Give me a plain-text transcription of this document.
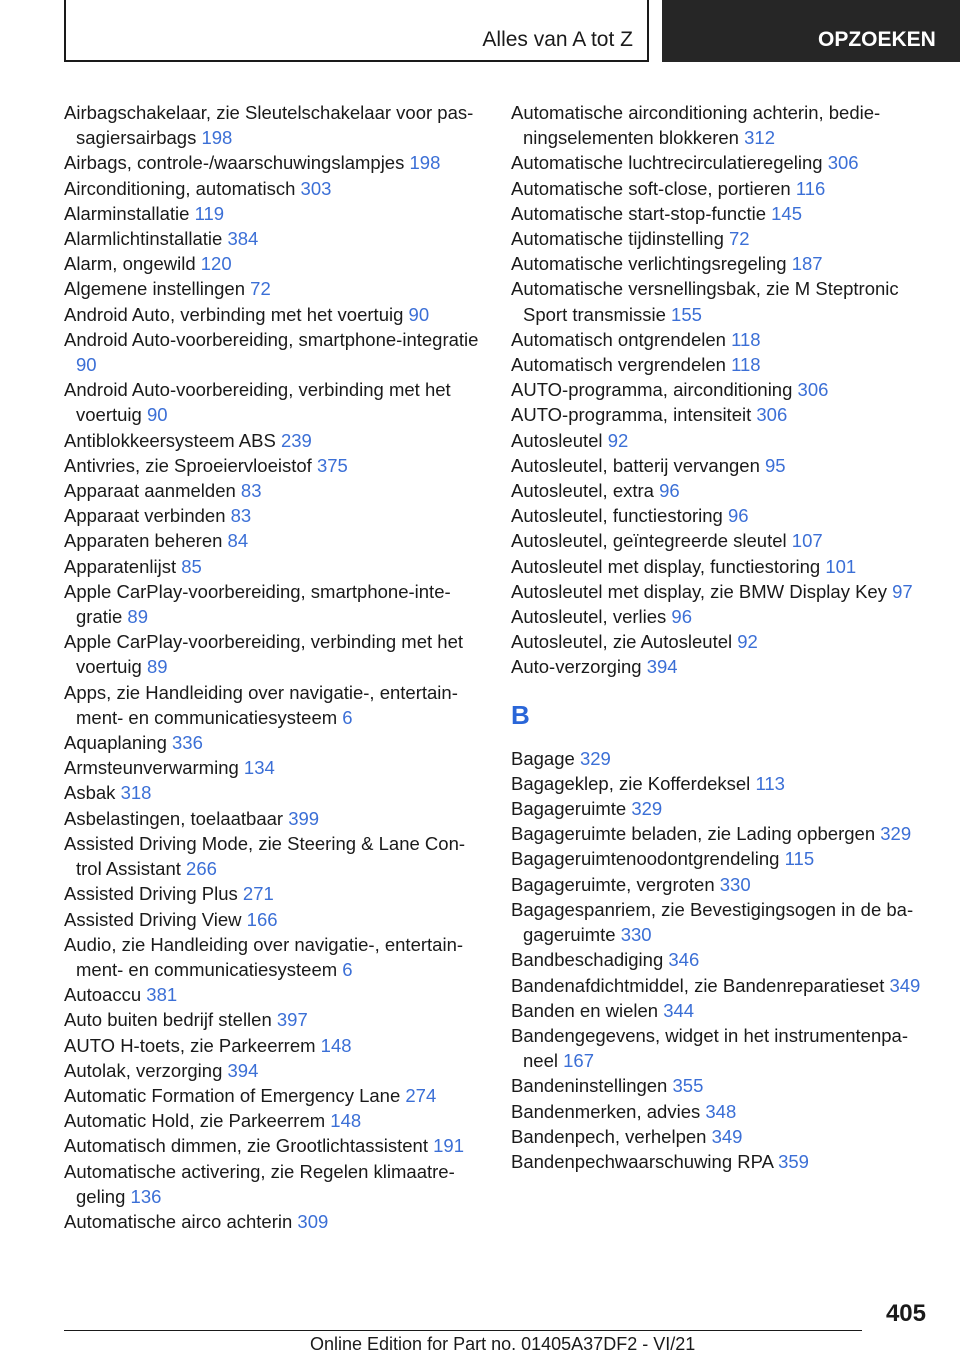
Alles van A tot Z	OPZOEKEN
Airbagschakelaar, zie Sleutelschakelaar voor passagiersairbags 198
Airbags, controle-/waarschuwingslampjes 198
Airconditioning, automatisch 303
Alarminstallatie 119
Alarmlichtinstallatie 384
Alarm, ongewild 120
Algemene instellingen 72
Android Auto, verbinding met het voertuig 90
Android Auto-voorbereiding, smartphone-integratie 90
Android Auto-voorbereiding, verbinding met het voertuig 90
Antiblokkeersysteem ABS 239
Antivries, zie Sproeiervloeistof 375
Apparaat aanmelden 83
Apparaat verbinden 83
Apparaten beheren 84
Apparatenlijst 85
Apple CarPlay-voorbereiding, smartphone-integratie 89
Apple CarPlay-voorbereiding, verbinding met het voertuig 89
Apps, zie Handleiding over navigatie-, entertainment- en communicatiesysteem 6
Aquaplaning 336
Armsteunverwarming 134
Asbak 318
Asbelastingen, toelaatbaar 399
Assisted Driving Mode, zie Steering & Lane Control Assistant 266
Assisted Driving Plus 271
Assisted Driving View 166
Audio, zie Handleiding over navigatie-, entertainment- en communicatiesysteem 6
Autoaccu 381
Auto buiten bedrijf stellen 397
AUTO H-toets, zie Parkeerrem 148
Autolak, verzorging 394
Automatic Formation of Emergency Lane 274
Automatic Hold, zie Parkeerrem 148
Automatisch dimmen, zie Grootlichtassistent 191
Automatische activering, zie Regelen klimaatregeling 136
Automatische airco achterin 309
Automatische airconditioning achterin, bedieningselementen blokkeren 312
Automatische luchtrecirculatieregeling 306
Automatische soft-close, portieren 116
Automatische start-stop-functie 145
Automatische tijdinstelling 72
Automatische verlichtingsregeling 187
Automatische versnellingsbak, zie M Steptronic Sport transmissie 155
Automatisch ontgrendelen 118
Automatisch vergrendelen 118
AUTO-programma, airconditioning 306
AUTO-programma, intensiteit 306
Autosleutel 92
Autosleutel, batterij vervangen 95
Autosleutel, extra 96
Autosleutel, functiestoring 96
Autosleutel, geïntegreerde sleutel 107
Autosleutel met display, functiestoring 101
Autosleutel met display, zie BMW Display Key 97
Autosleutel, verlies 96
Autosleutel, zie Autosleutel 92
Auto-verzorging 394
B
Bagage 329
Bagageklep, zie Kofferdeksel 113
Bagageruimte 329
Bagageruimte beladen, zie Lading opbergen 329
Bagageruimtenoodontgrendeling 115
Bagageruimte, vergroten 330
Bagagespanriem, zie Bevestigingsogen in de bagageruimte 330
Bandbeschadiging 346
Bandenafdichtmiddel, zie Bandenreparatieset 349
Banden en wielen 344
Bandengegevens, widget in het instrumentenpaneel 167
Bandeninstellingen 355
Bandenmerken, advies 348
Bandenpech, verhelpen 349
Bandenpechwaarschuwing RPA 359
405
Online Edition for Part no. 01405A37DF2 - VI/21
